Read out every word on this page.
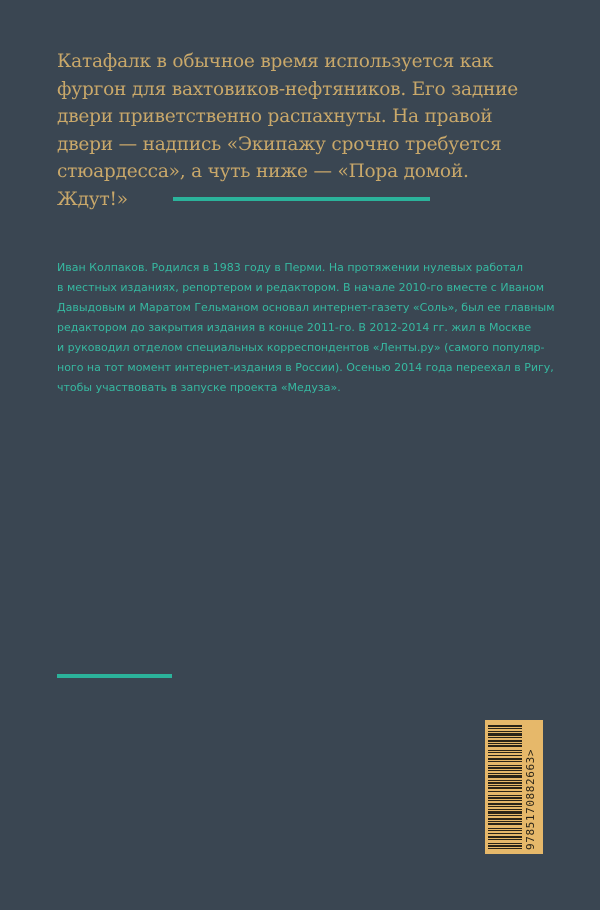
Катафалк в обычное время используется как
фургон для вахтовиков-нефтяников. Его задние
двери приветственно распахнуты. На правой
двери — надпись «Экипажу срочно требуется
стюардесса», а чуть ниже — «Пора домой.
Ждут!»

Иван Колпаков. Родился в 1983 году в Перми. На протяжении нулевых работал
в местных изданиях, репортером и редактором. В начале 2010-го вместе с Иваном
Давыдовым и Маратом Гельманом основал интернет-газету «Соль», был ее главным
редактором до закрытия издания в конце 2011-го. В 2012-2014 гг. жил в Москве
и руководил отделом специальных корреспондентов «Ленты.ру» (самого популяр-
ного на тот момент интернет-издания в России). Осенью 2014 года переехал в Ригу,
чтобы участвовать в запуске проекта «Медуза».

9785170882663>
